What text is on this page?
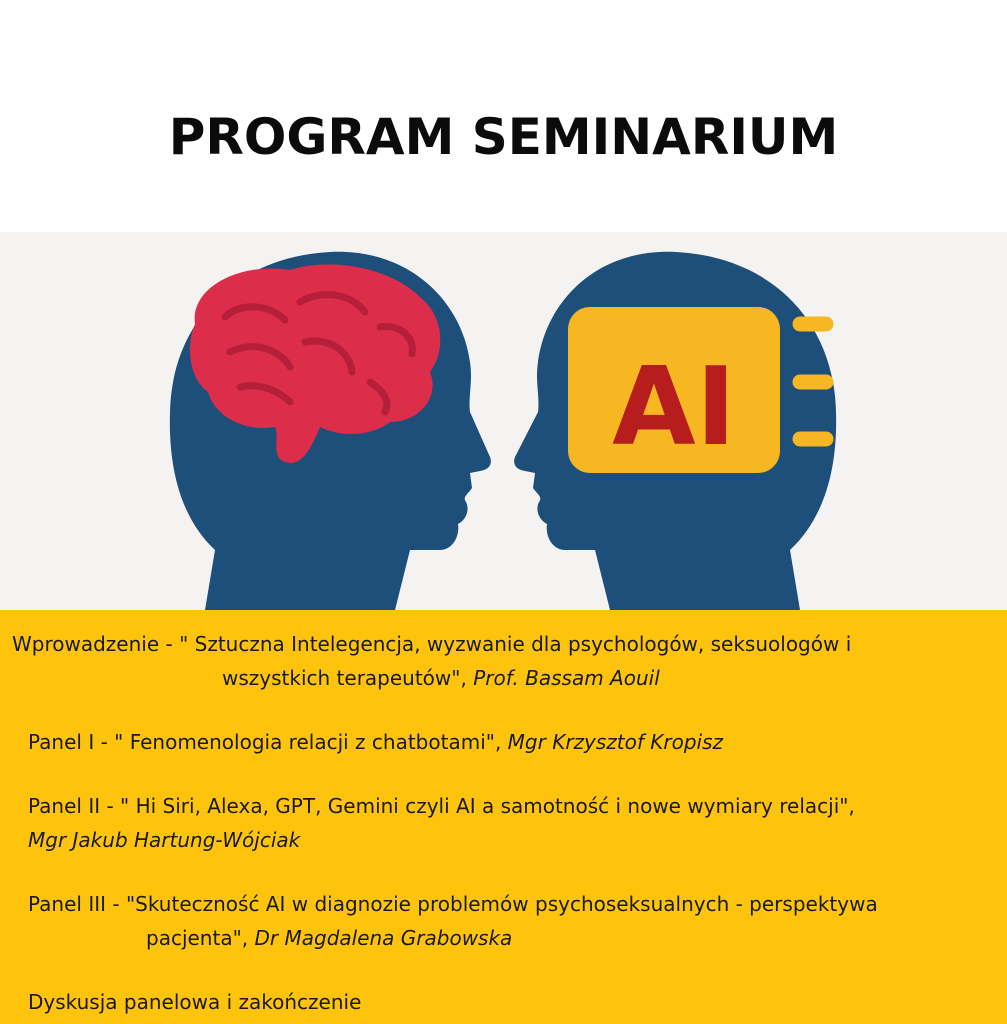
PROGRAM SEMINARIUM
AI
Wprowadzenie - " Sztuczna Intelegencja, wyzwanie dla psychologów, seksuologów i
wszystkich terapeutów", Prof. Bassam Aouil
Panel I - " Fenomenologia relacji z chatbotami", Mgr Krzysztof Kropisz
Panel II - " Hi Siri, Alexa, GPT, Gemini czyli AI a samotność i nowe wymiary relacji",
Mgr Jakub Hartung-Wójciak
Panel III - "Skuteczność AI w diagnozie problemów psychoseksualnych - perspektywa
pacjenta", Dr Magdalena Grabowska
Dyskusja panelowa i zakończenie
